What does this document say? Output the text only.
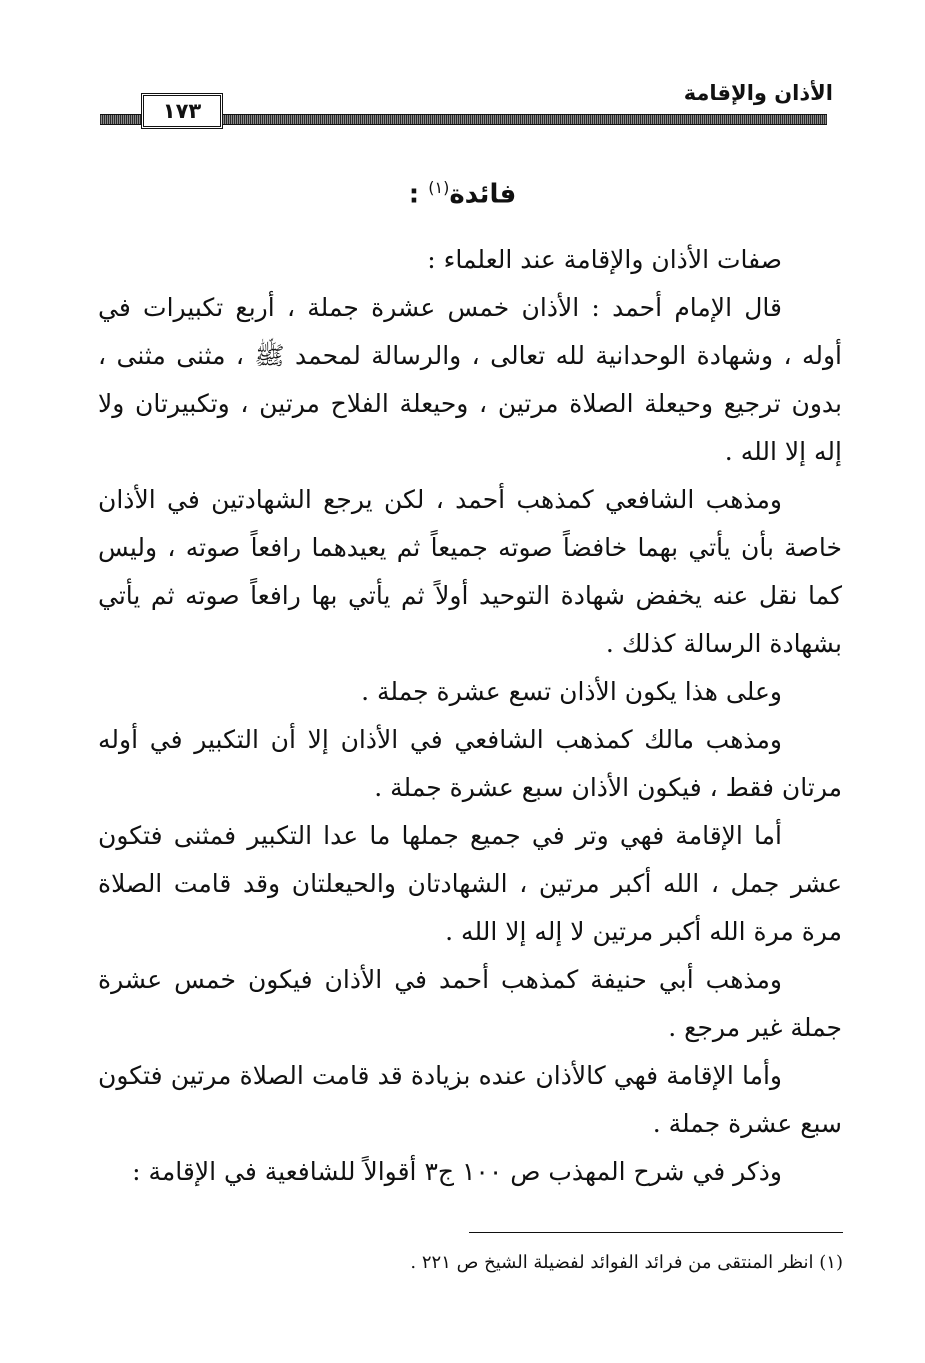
الأذان والإقامة
١٧٣
فائدة$^{(١)}$ :

صفات الأذان والإقامة عند العلماء :

قال الإمام أحمد : الأذان خمس عشرة جملة ، أربع تكبيرات في أوله ، وشهادة الوحدانية لله تعالى ، والرسالة لمحمد ﷺ ، مثنى مثنى ، بدون ترجيع وحيعلة الصلاة مرتين ، وحيعلة الفلاح مرتين ، وتكبيرتان ولا إله إلا الله .

ومذهب الشافعي كمذهب أحمد ، لكن يرجع الشهادتين في الأذان خاصة بأن يأتي بهما خافضاً صوته جميعاً ثم يعيدهما رافعاً صوته ، وليس كما نقل عنه يخفض شهادة التوحيد أولاً ثم يأتي بها رافعاً صوته ثم يأتي بشهادة الرسالة كذلك .

وعلى هذا يكون الأذان تسع عشرة جملة .

ومذهب مالك كمذهب الشافعي في الأذان إلا أن التكبير في أوله مرتان فقط ، فيكون الأذان سبع عشرة جملة .

أما الإقامة فهي وتر في جميع جملها ما عدا التكبير فمثنى فتكون عشر جمل ، الله أكبر مرتين ، الشهادتان والحيعلتان وقد قامت الصلاة مرة مرة الله أكبر مرتين لا إله إلا الله .

ومذهب أبي حنيفة كمذهب أحمد في الأذان فيكون خمس عشرة جملة غير مرجع .

وأما الإقامة فهي كالأذان عنده بزيادة قد قامت الصلاة مرتين فتكون سبع عشرة جملة .

وذكر في شرح المهذب ص ١٠٠ ج٣ أقوالاً للشافعية في الإقامة :

(١) انظر المنتقى من فرائد الفوائد لفضيلة الشيخ ص ٢٢١ .
